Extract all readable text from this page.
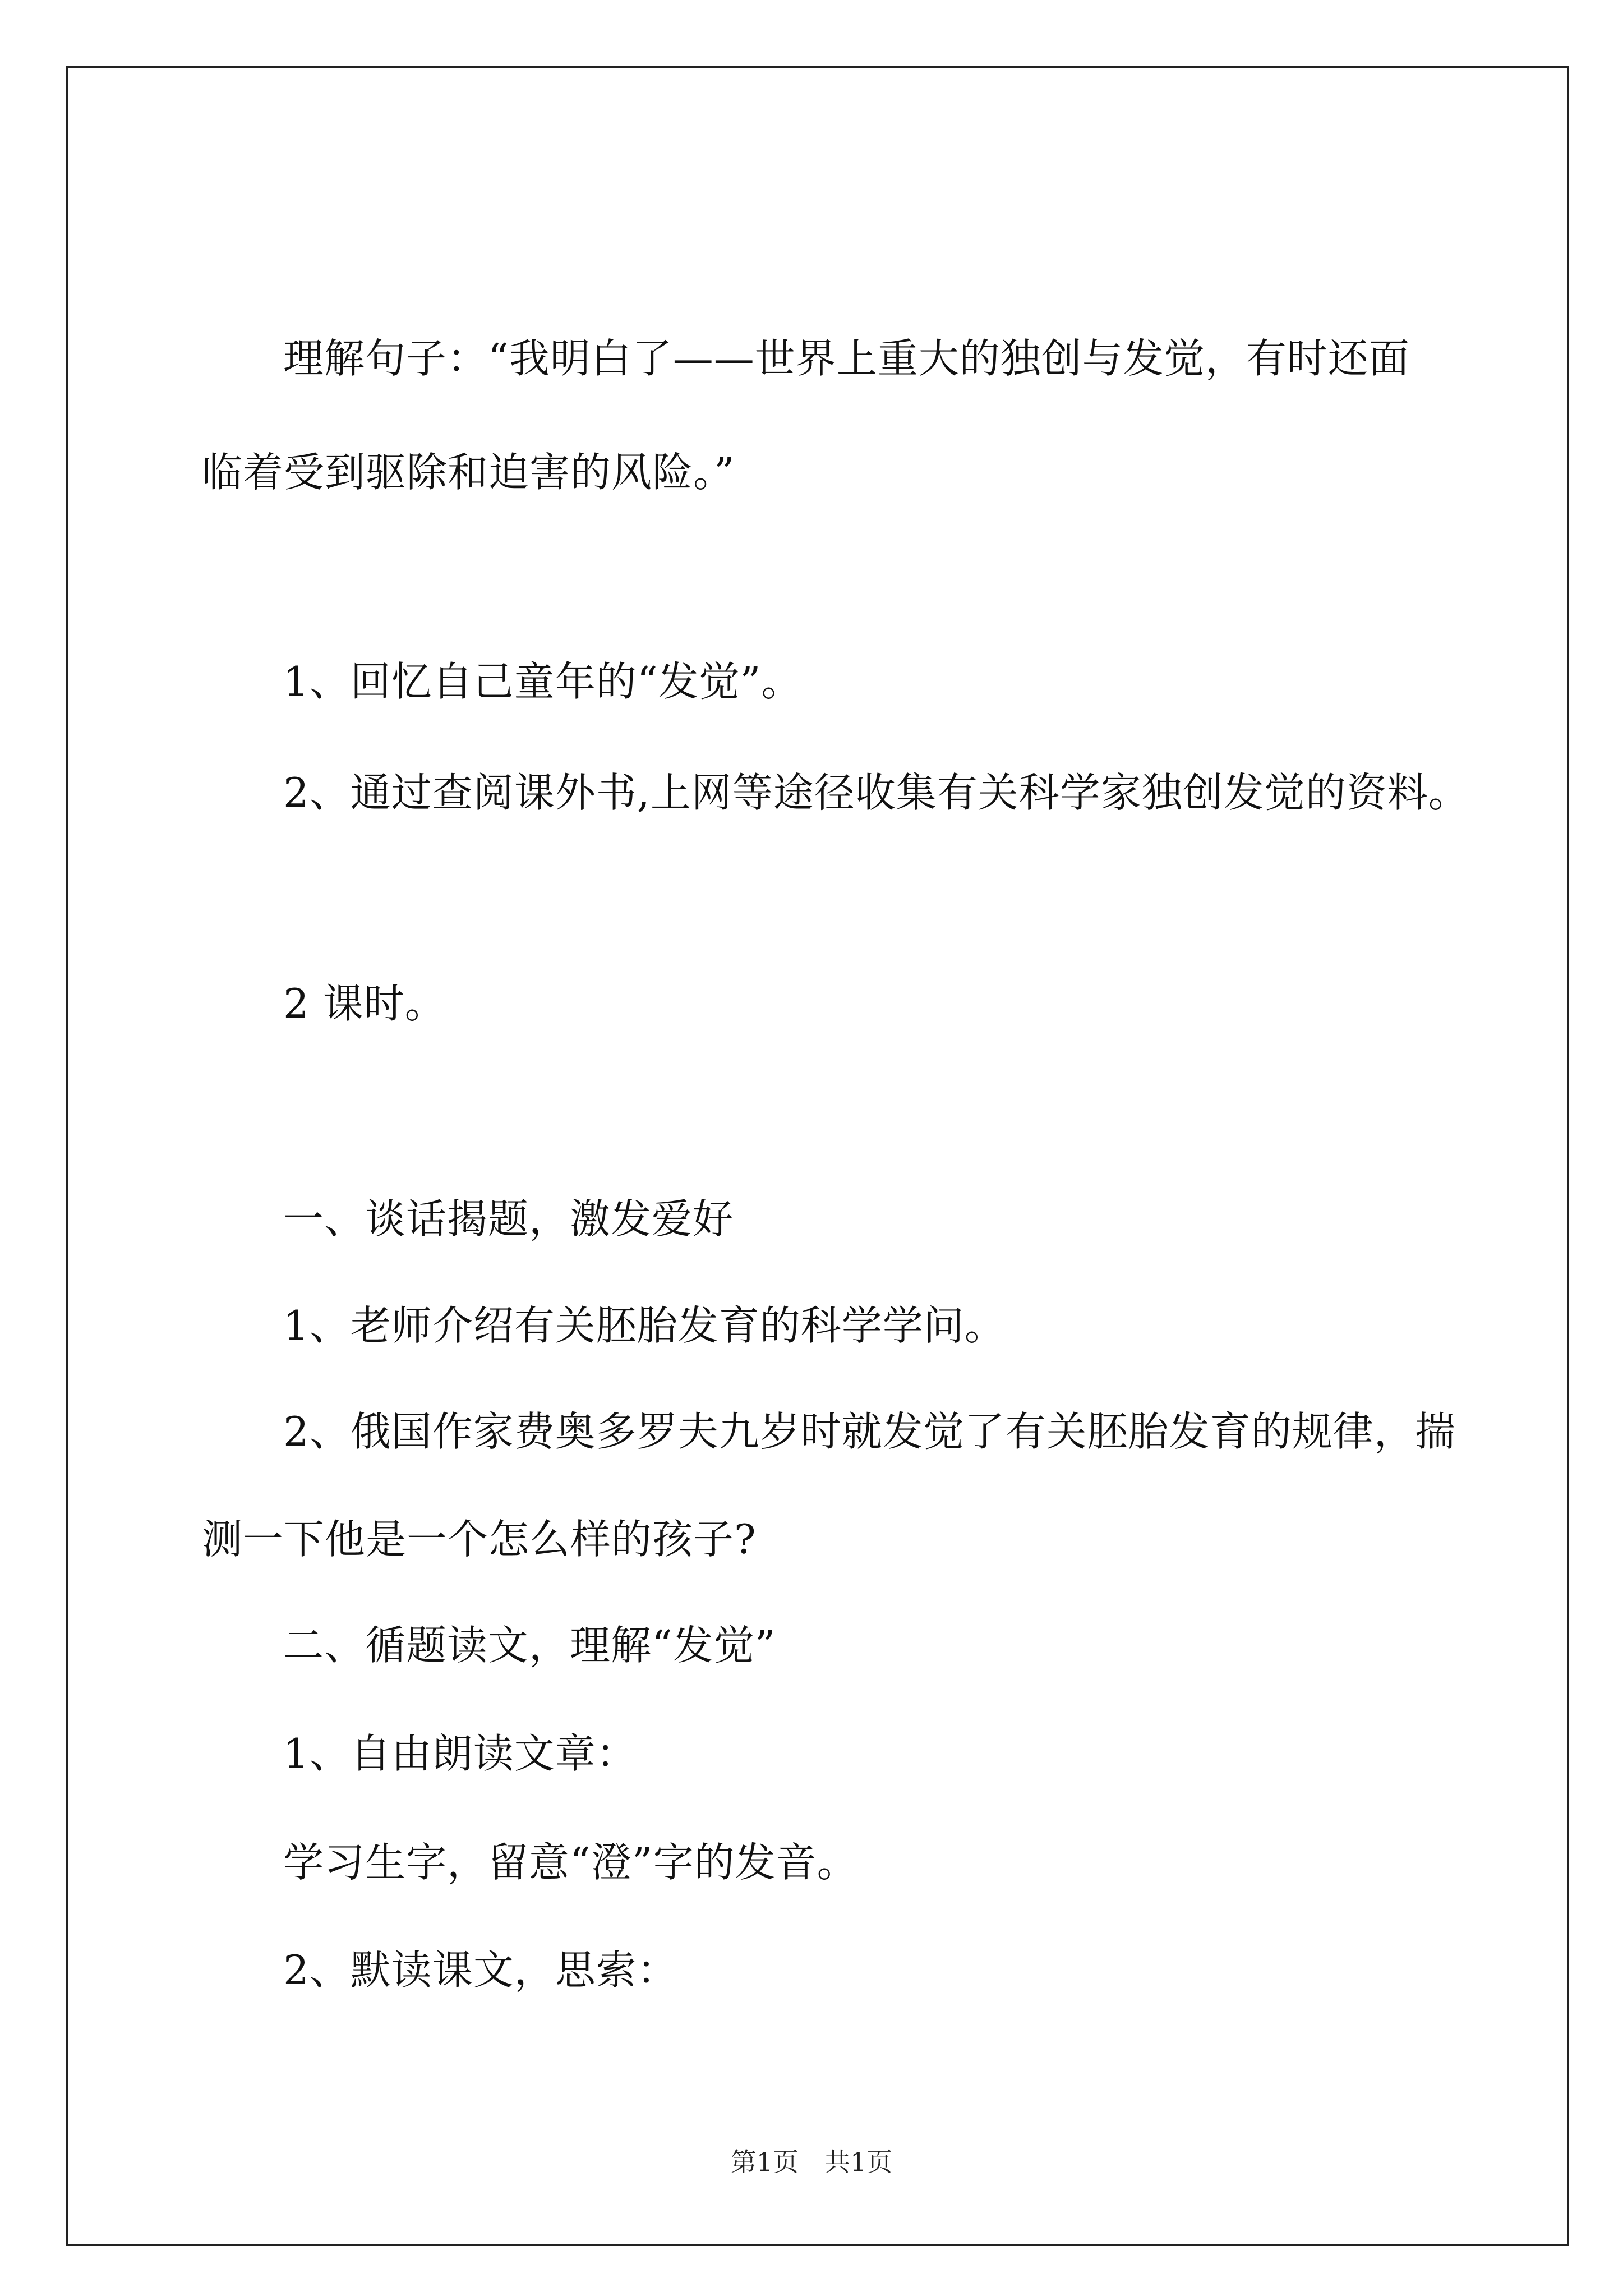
理解句子：“我明白了——世界上重大的独创与发觉，有时还面

临着受到驱除和迫害的风险。”

1、回忆自己童年的“发觉”。

2、通过查阅课外书,上网等途径收集有关科学家独创发觉的资料。

2 课时。

一、谈话揭题，激发爱好

1、老师介绍有关胚胎发育的科学学问。

2、俄国作家费奥多罗夫九岁时就发觉了有关胚胎发育的规律，揣

测一下他是一个怎么样的孩子?

二、循题读文，理解“发觉”

1、自由朗读文章：

学习生字，留意“澄”字的发音。

2、默读课文，思索：

第1页　共1页
